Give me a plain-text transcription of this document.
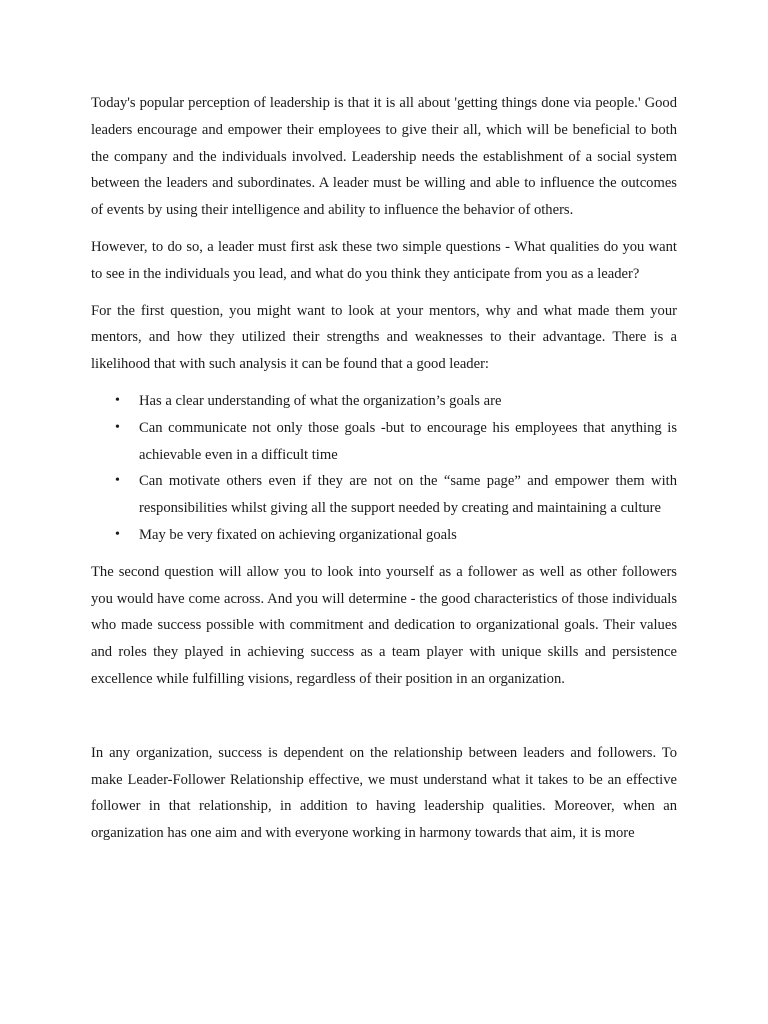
Today's popular perception of leadership is that it is all about 'getting things done via people.' Good leaders encourage and empower their employees to give their all, which will be beneficial to both the company and the individuals involved. Leadership needs the establishment of a social system between the leaders and subordinates. A leader must be willing and able to influence the outcomes of events by using their intelligence and ability to influence the behavior of others.

However, to do so, a leader must first ask these two simple questions - What qualities do you want to see in the individuals you lead, and what do you think they anticipate from you as a leader?

For the first question, you might want to look at your mentors, why and what made them your mentors, and how they utilized their strengths and weaknesses to their advantage. There is a likelihood that with such analysis it can be found that a good leader:

• Has a clear understanding of what the organization’s goals are
• Can communicate not only those goals -but to encourage his employees that anything is achievable even in a difficult time
• Can motivate others even if they are not on the “same page” and empower them with responsibilities whilst giving all the support needed by creating and maintaining a culture
• May be very fixated on achieving organizational goals

The second question will allow you to look into yourself as a follower as well as other followers you would have come across. And you will determine - the good characteristics of those individuals who made success possible with commitment and dedication to organizational goals. Their values and roles they played in achieving success as a team player with unique skills and persistence excellence while fulfilling visions, regardless of their position in an organization.

In any organization, success is dependent on the relationship between leaders and followers. To make Leader-Follower Relationship effective, we must understand what it takes to be an effective follower in that relationship, in addition to having leadership qualities. Moreover, when an organization has one aim and with everyone working in harmony towards that aim, it is more
